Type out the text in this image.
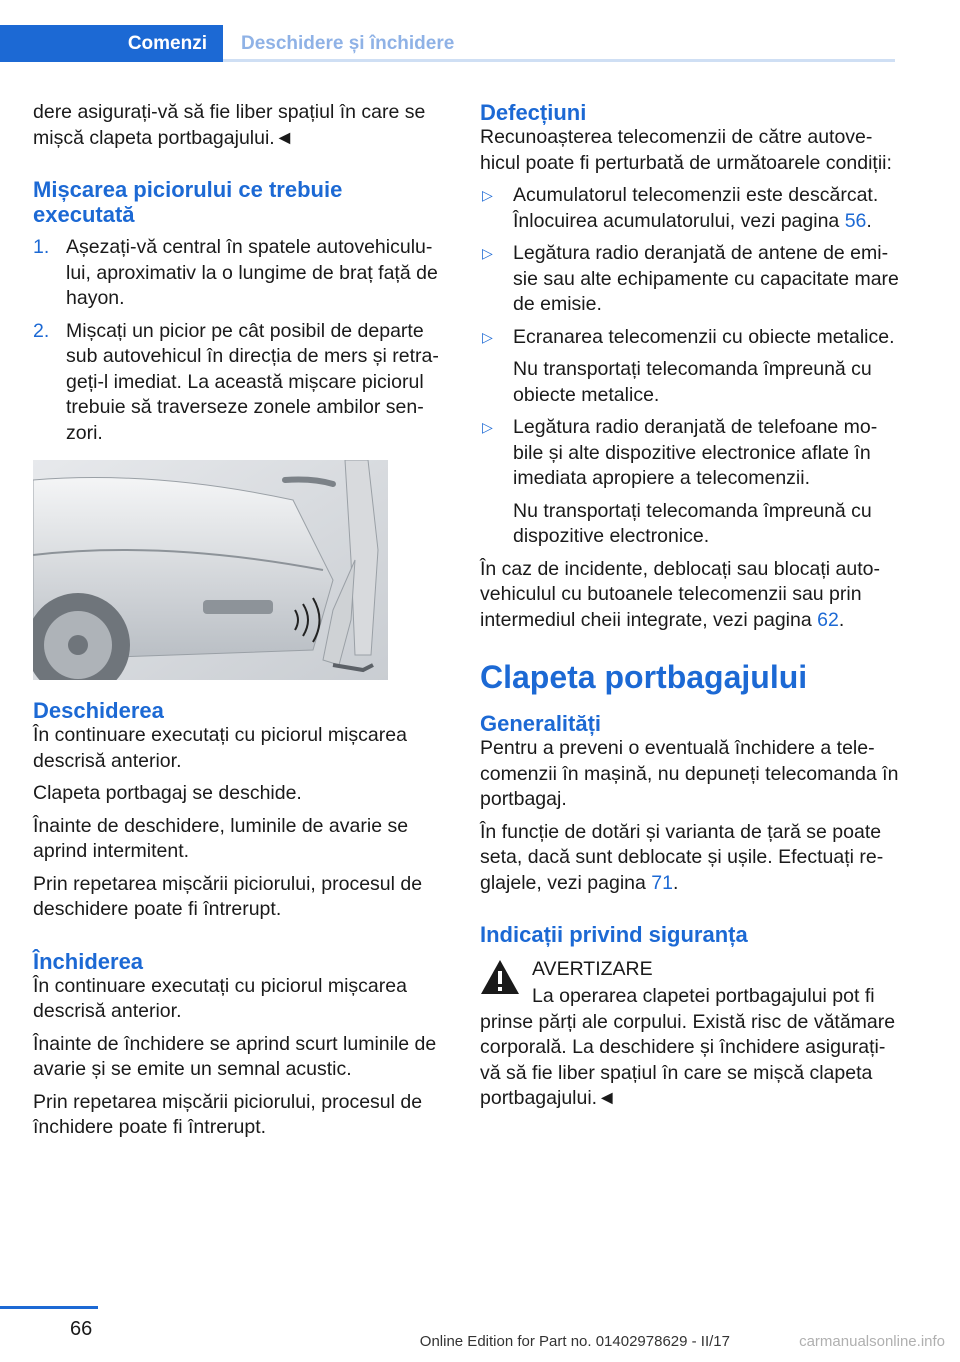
Comenzi	Deschidere și închidere

dere asigurați-vă să fie liber spațiul în care se mișcă clapeta portbagajului.◄

Mișcarea piciorului ce trebuie executată
1. Așezați-vă central în spatele autovehiculului, aproximativ la o lungime de braț față de hayon.
2. Mișcați un picior pe cât posibil de departe sub autovehicul în direcția de mers și retrageți-l imediat. La această mișcare piciorul trebuie să traverseze zonele ambilor senzori.
Deschiderea

În continuare executați cu piciorul mișcarea descrisă anterior.

Clapeta portbagaj se deschide.

Înainte de deschidere, luminile de avarie se aprind intermitent.

Prin repetarea mișcării piciorului, procesul de deschidere poate fi întrerupt.

Închiderea

În continuare executați cu piciorul mișcarea descrisă anterior.

Înainte de închidere se aprind scurt luminile de avarie și se emite un semnal acustic.

Prin repetarea mișcării piciorului, procesul de închidere poate fi întrerupt.

Defecțiuni

Recunoașterea telecomenzii de către autovehicul poate fi perturbată de următoarele condiții:

▷ Acumulatorul telecomenzii este descărcat.
Înlocuirea acumulatorului, vezi pagina 56.
▷ Legătura radio deranjată de antene de emisie sau alte echipamente cu capacitate mare de emisie.
▷ Ecranarea telecomenzii cu obiecte metalice.
Nu transportați telecomanda împreună cu obiecte metalice.
▷ Legătura radio deranjată de telefoane mobile și alte dispozitive electronice aflate în imediata apropiere a telecomenzii.
Nu transportați telecomanda împreună cu dispozitive electronice.

În caz de incidente, deblocați sau blocați autovehiculul cu butoanele telecomenzii sau prin intermediul cheii integrate, vezi pagina 62.

Clapeta portbagajului
Generalități

Pentru a preveni o eventuală închidere a telecomenzii în mașină, nu depuneți telecomanda în portbagaj.

În funcție de dotări și varianta de țară se poate seta, dacă sunt deblocate și ușile. Efectuați reglajele, vezi pagina 71.

Indicații privind siguranța
AVERTIZARE
La operarea clapetei portbagajului pot fi prinse părți ale corpului. Există risc de vătămare corporală. La deschidere și închidere asigurați-vă să fie liber spațiul în care se mișcă clapeta portbagajului.◄
66
Online Edition for Part no. 01402978629 - II/17	carmanualsonline.info
